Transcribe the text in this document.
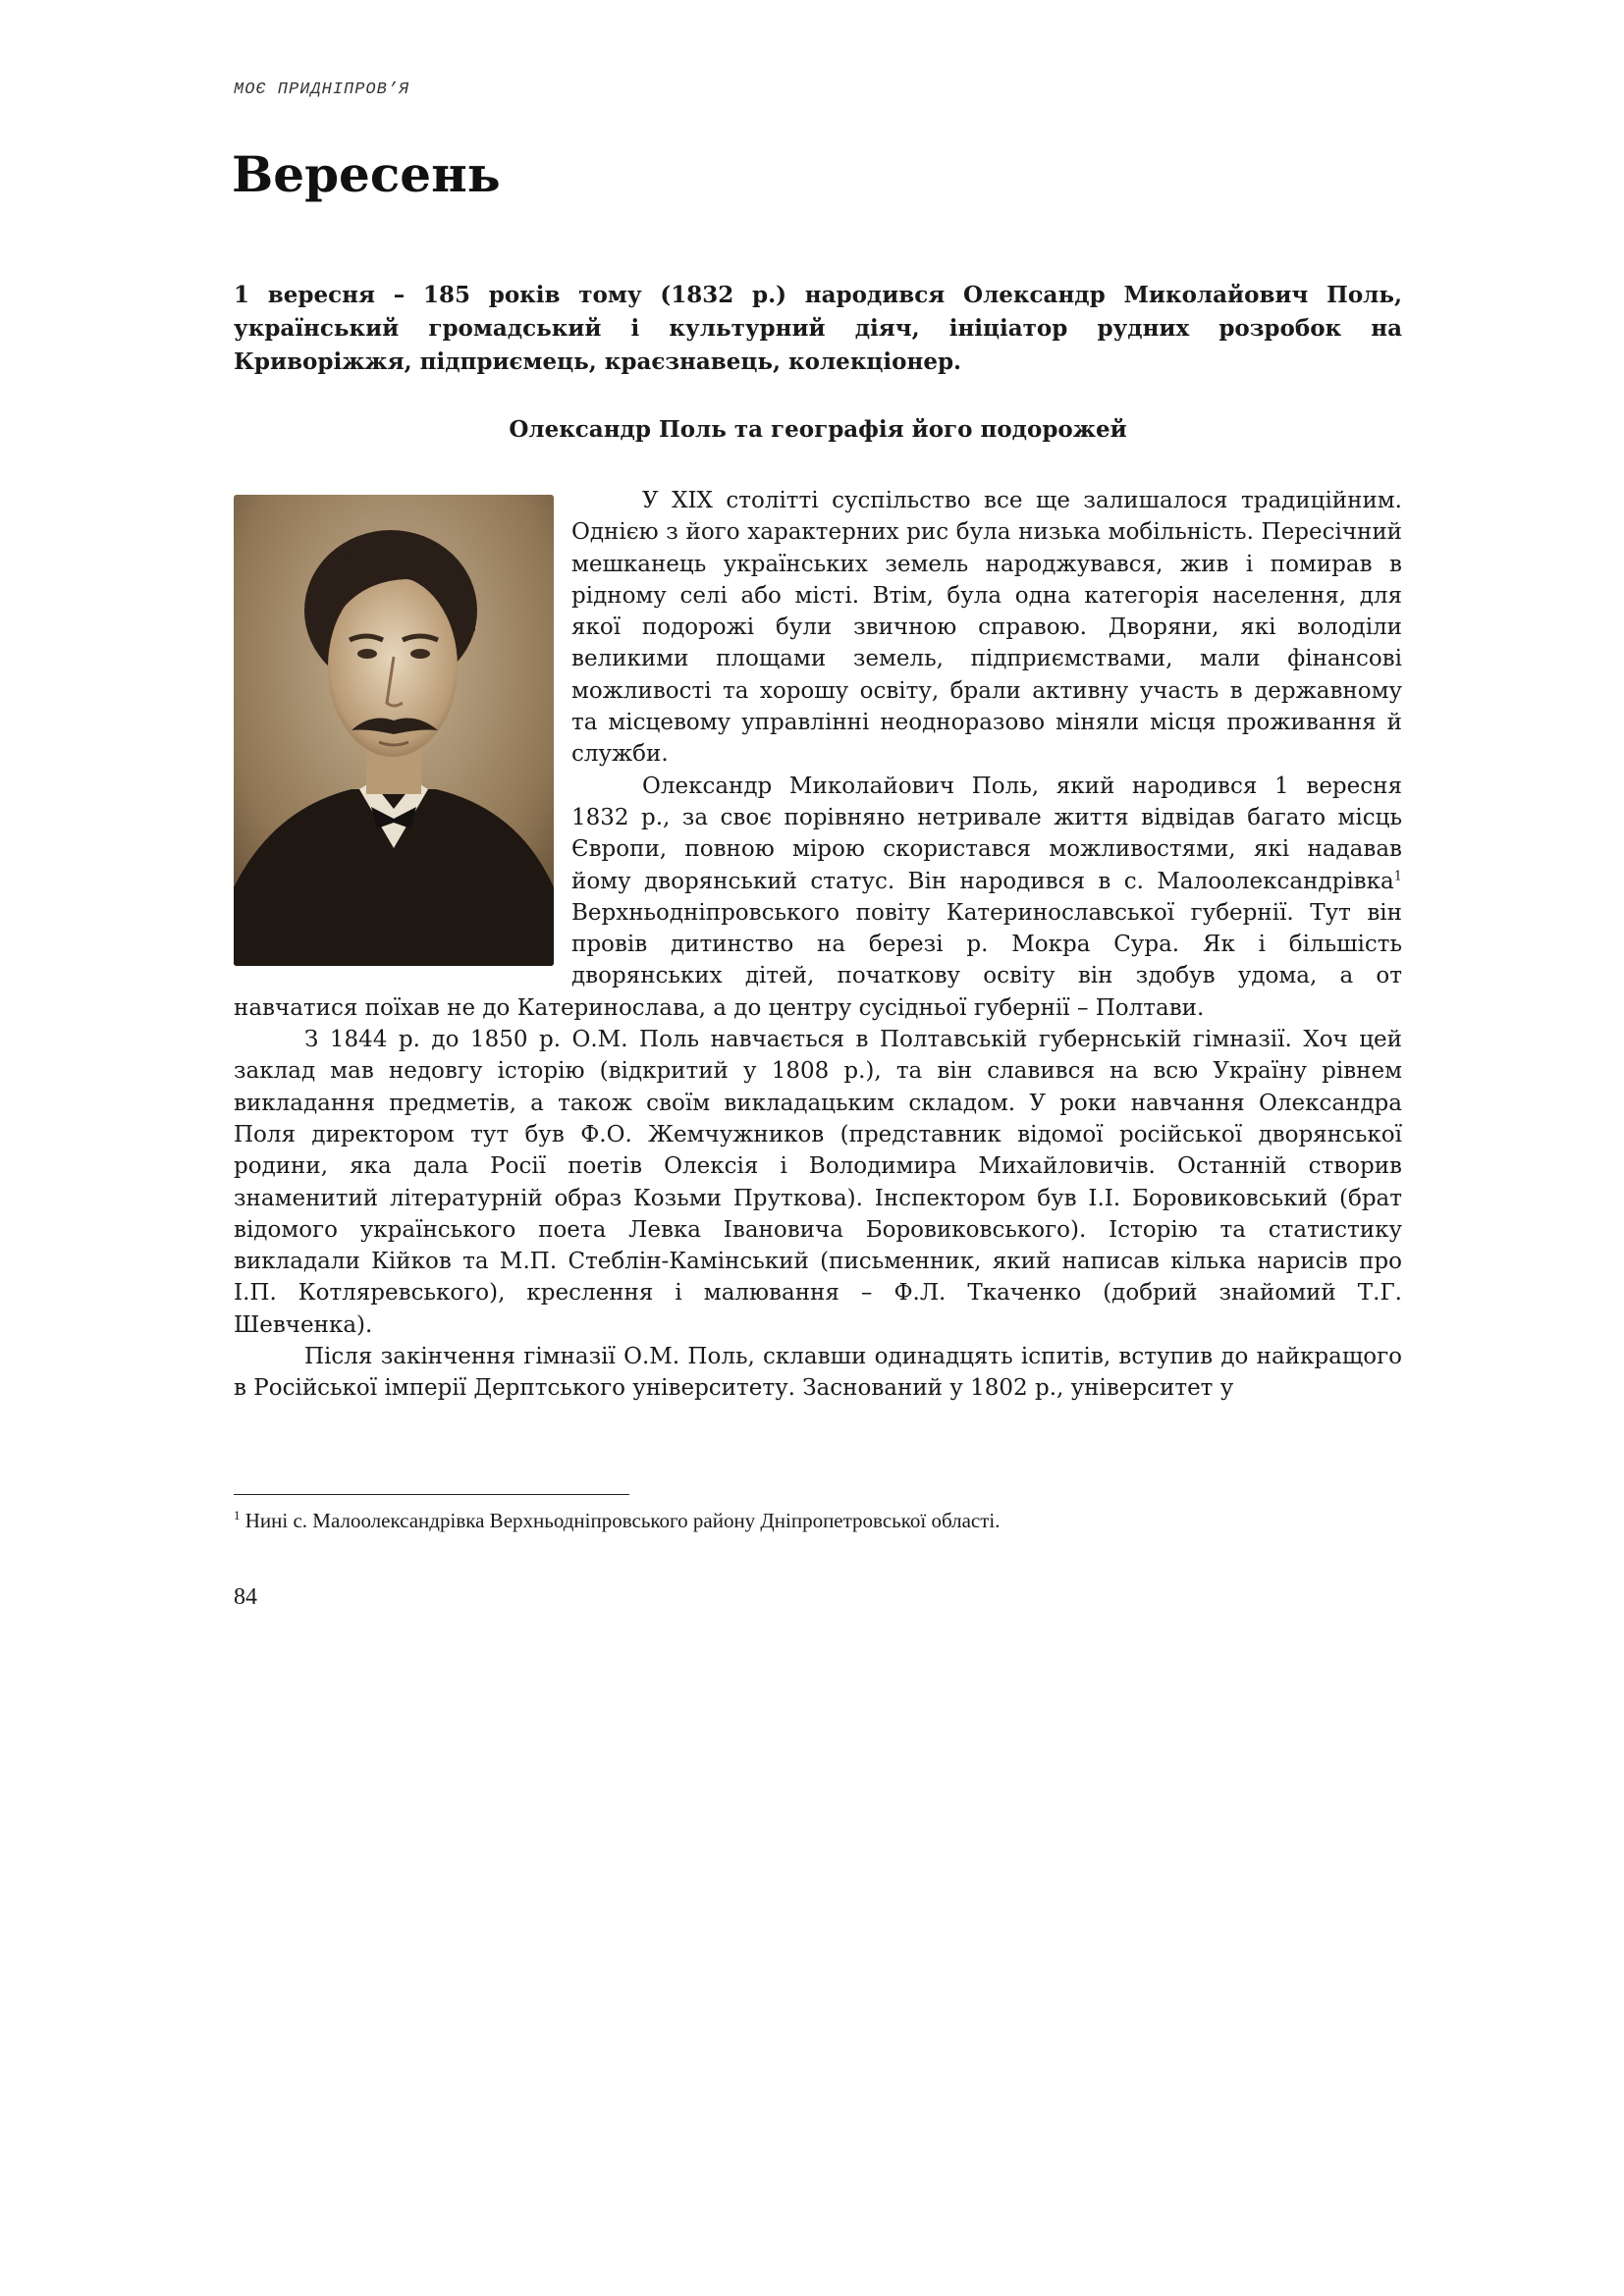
МОЄ ПРИДНІПРОВ’Я
Вересень

1 вересня – 185 років тому (1832 р.) народився Олександр Миколайович Поль, український громадський і культурний діяч, ініціатор рудних розробок на Криворіжжя, підприємець, краєзнавець, колекціонер.

Олександр Поль та географія його подорожей

У XIX столітті суспільство все ще залишалося традиційним. Однією з його характерних рис була низька мобільність. Пересічний мешканець українських земель народжувався, жив і помирав в рідному селі або місті. Втім, була одна категорія населення, для якої подорожі були звичною справою. Дворяни, які володіли великими площами земель, підприємствами, мали фінансові можливості та хорошу освіту, брали активну участь в державному та місцевому управлінні неодноразово міняли місця проживання й служби.

Олександр Миколайович Поль, який народився 1 вересня 1832 р., за своє порівняно нетривале життя відвідав багато місць Європи, повною мірою скористався можливостями, які надавав йому дворянський статус. Він народився в с. Малоолександрівка$^1$ Верхньодніпровського повіту Катеринославської губернії. Тут він провів дитинство на березі р. Мокра Сура. Як і більшість дворянських дітей, початкову освіту він здобув удома, а от навчатися поїхав не до Катеринослава, а до центру сусідньої губернії – Полтави.

З 1844 р. до 1850 р. О.М. Поль навчається в Полтавській губернській гімназії. Хоч цей заклад мав недовгу історію (відкритий у 1808 р.), та він славився на всю Україну рівнем викладання предметів, а також своїм викладацьким складом. У роки навчання Олександра Поля директором тут був Ф.О. Жемчужников (представник відомої російської дворянської родини, яка дала Росії поетів Олексія і Володимира Михайловичів. Останній створив знаменитий літературній образ Козьми Пруткова). Інспектором був І.І. Боровиковський (брат відомого українського поета Левка Івановича Боровиковського). Історію та статистику викладали Кійков та М.П. Стеблін-Камінський (письменник, який написав кілька нарисів про І.П. Котляревського), креслення і малювання – Ф.Л. Ткаченко (добрий знайомий Т.Г. Шевченка).

Після закінчення гімназії О.М. Поль, склавши одинадцять іспитів, вступив до найкращого в Російської імперії Дерптського університету. Заснований у 1802 р., університет у

$^1$ Нині с. Малоолександрівка Верхньодніпровського району Дніпропетровської області.
84
